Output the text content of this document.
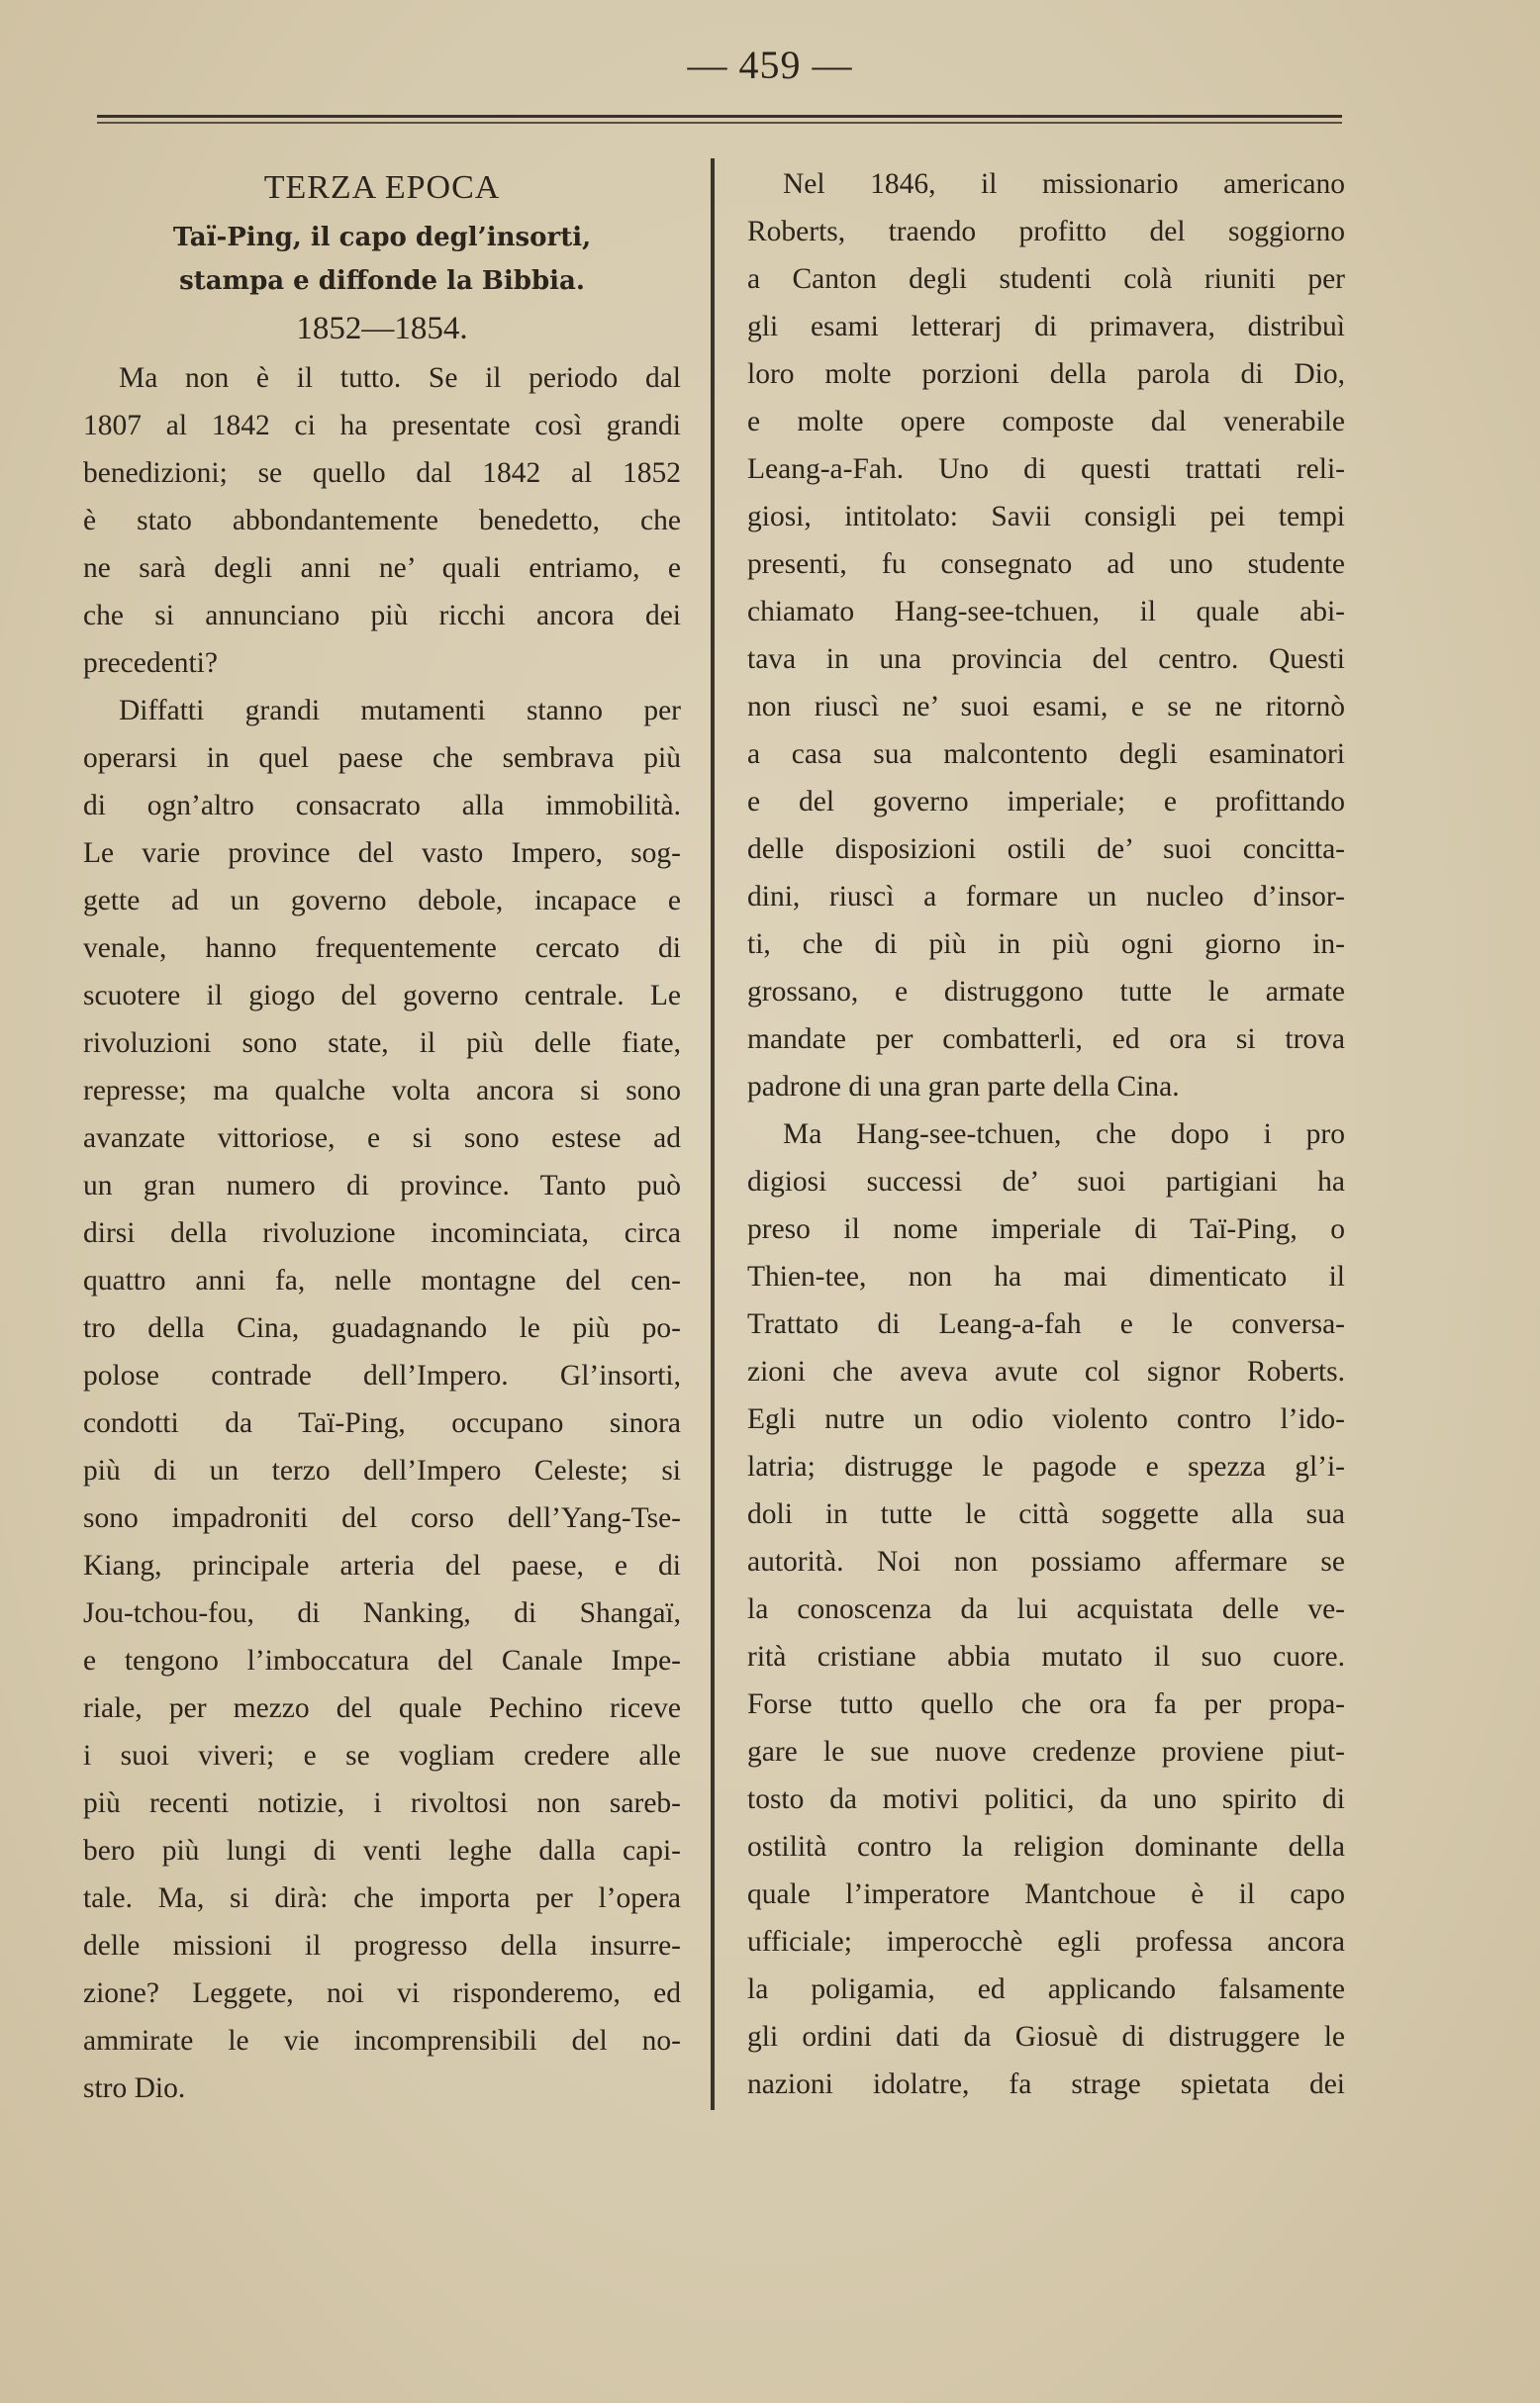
— 459 —
TERZA EPOCA
Taï-Ping, il capo degl’insorti,
stampa e diffonde la Bibbia.
1852—1854.
Ma non è il tutto. Se il periodo dal
1807 al 1842 ci ha presentate così grandi
benedizioni; se quello dal 1842 al 1852
è stato abbondantemente benedetto, che
ne sarà degli anni ne’ quali entriamo, e
che si annunciano più ricchi ancora dei
precedenti?
Diffatti grandi mutamenti stanno per
operarsi in quel paese che sembrava più
di ogn’altro consacrato alla immobilità.
Le varie province del vasto Impero, sog-
gette ad un governo debole, incapace e
venale, hanno frequentemente cercato di
scuotere il giogo del governo centrale. Le
rivoluzioni sono state, il più delle fiate,
represse; ma qualche volta ancora si sono
avanzate vittoriose, e si sono estese ad
un gran numero di province. Tanto può
dirsi della rivoluzione incominciata, circa
quattro anni fa, nelle montagne del cen-
tro della Cina, guadagnando le più po-
polose contrade dell’Impero. Gl’insorti,
condotti da Taï-Ping, occupano sinora
più di un terzo dell’Impero Celeste; si
sono impadroniti del corso dell’Yang-Tse-
Kiang, principale arteria del paese, e di
Jou-tchou-fou, di Nanking, di Shangaï,
e tengono l’imboccatura del Canale Impe-
riale, per mezzo del quale Pechino riceve
i suoi viveri; e se vogliam credere alle
più recenti notizie, i rivoltosi non sareb-
bero più lungi di venti leghe dalla capi-
tale. Ma, si dirà: che importa per l’opera
delle missioni il progresso della insurre-
zione? Leggete, noi vi risponderemo, ed
ammirate le vie incomprensibili del no-
stro Dio.
Nel 1846, il missionario americano
Roberts, traendo profitto del soggiorno
a Canton degli studenti colà riuniti per
gli esami letterarj di primavera, distribuì
loro molte porzioni della parola di Dio,
e molte opere composte dal venerabile
Leang-a-Fah. Uno di questi trattati reli-
giosi, intitolato: Savii consigli pei tempi
presenti, fu consegnato ad uno studente
chiamato Hang-see-tchuen, il quale abi-
tava in una provincia del centro. Questi
non riuscì ne’ suoi esami, e se ne ritornò
a casa sua malcontento degli esaminatori
e del governo imperiale; e profittando
delle disposizioni ostili de’ suoi concitta-
dini, riuscì a formare un nucleo d’insor-
ti, che di più in più ogni giorno in-
grossano, e distruggono tutte le armate
mandate per combatterli, ed ora si trova
padrone di una gran parte della Cina.
Ma Hang-see-tchuen, che dopo i pro
digiosi successi de’ suoi partigiani ha
preso il nome imperiale di Taï-Ping, o
Thien-tee, non ha mai dimenticato il
Trattato di Leang-a-fah e le conversa-
zioni che aveva avute col signor Roberts.
Egli nutre un odio violento contro l’ido-
latria; distrugge le pagode e spezza gl’i-
doli in tutte le città soggette alla sua
autorità. Noi non possiamo affermare se
la conoscenza da lui acquistata delle ve-
rità cristiane abbia mutato il suo cuore.
Forse tutto quello che ora fa per propa-
gare le sue nuove credenze proviene piut-
tosto da motivi politici, da uno spirito di
ostilità contro la religion dominante della
quale l’imperatore Mantchoue è il capo
ufficiale; imperocchè egli professa ancora
la poligamia, ed applicando falsamente
gli ordini dati da Giosuè di distruggere le
nazioni idolatre, fa strage spietata dei
